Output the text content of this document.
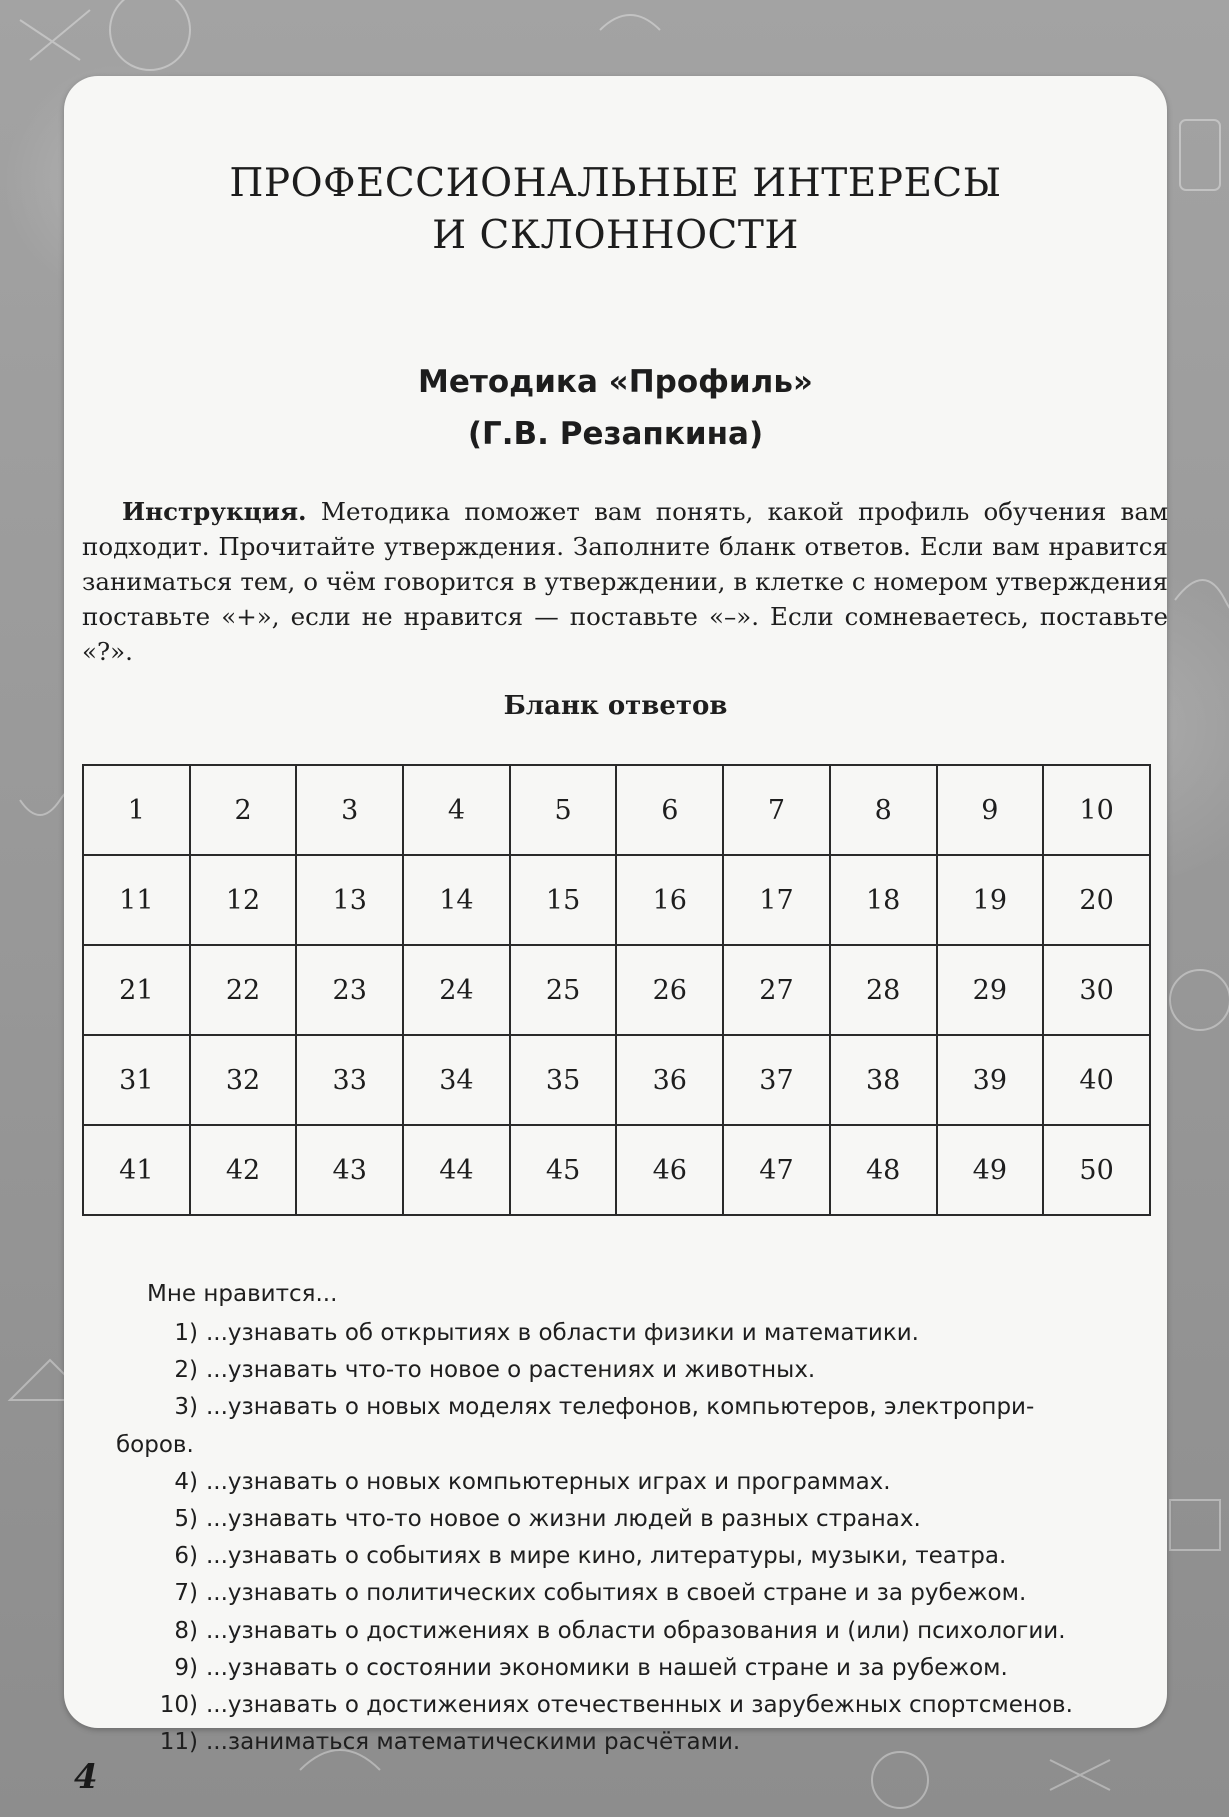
ПРОФЕССИОНАЛЬНЫЕ ИНТЕРЕСЫ
И СКЛОННОСТИ
Методика «Профиль»
(Г.В. Резапкина)
Инструкция. Методика поможет вам понять, какой профиль обучения вам подходит. Прочитайте утверждения. Заполните бланк ответов. Если вам нравится заниматься тем, о чём говорится в утверждении, в клетке с номером утверждения поставьте «+», если не нравится — поставьте «–». Если сомневаетесь, поставьте «?».
Бланк ответов
1	2	3	4	5	6	7	8	9	10
11	12	13	14	15	16	17	18	19	20
21	22	23	24	25	26	27	28	29	30
31	32	33	34	35	36	37	38	39	40
41	42	43	44	45	46	47	48	49	50
Мне нравится...
1) ...узнавать об открытиях в области физики и математики.
2) ...узнавать что-то новое о растениях и животных.
3) ...узнавать о новых моделях телефонов, компьютеров, электропри-
боров.
4) ...узнавать о новых компьютерных играх и программах.
5) ...узнавать что-то новое о жизни людей в разных странах.
6) ...узнавать о событиях в мире кино, литературы, музыки, театра.
7) ...узнавать о политических событиях в своей стране и за рубежом.
8) ...узнавать о достижениях в области образования и (или) психологии.
9) ...узнавать о состоянии экономики в нашей стране и за рубежом.
10) ...узнавать о достижениях отечественных и зарубежных спортсменов.
11) ...заниматься математическими расчётами.
4
